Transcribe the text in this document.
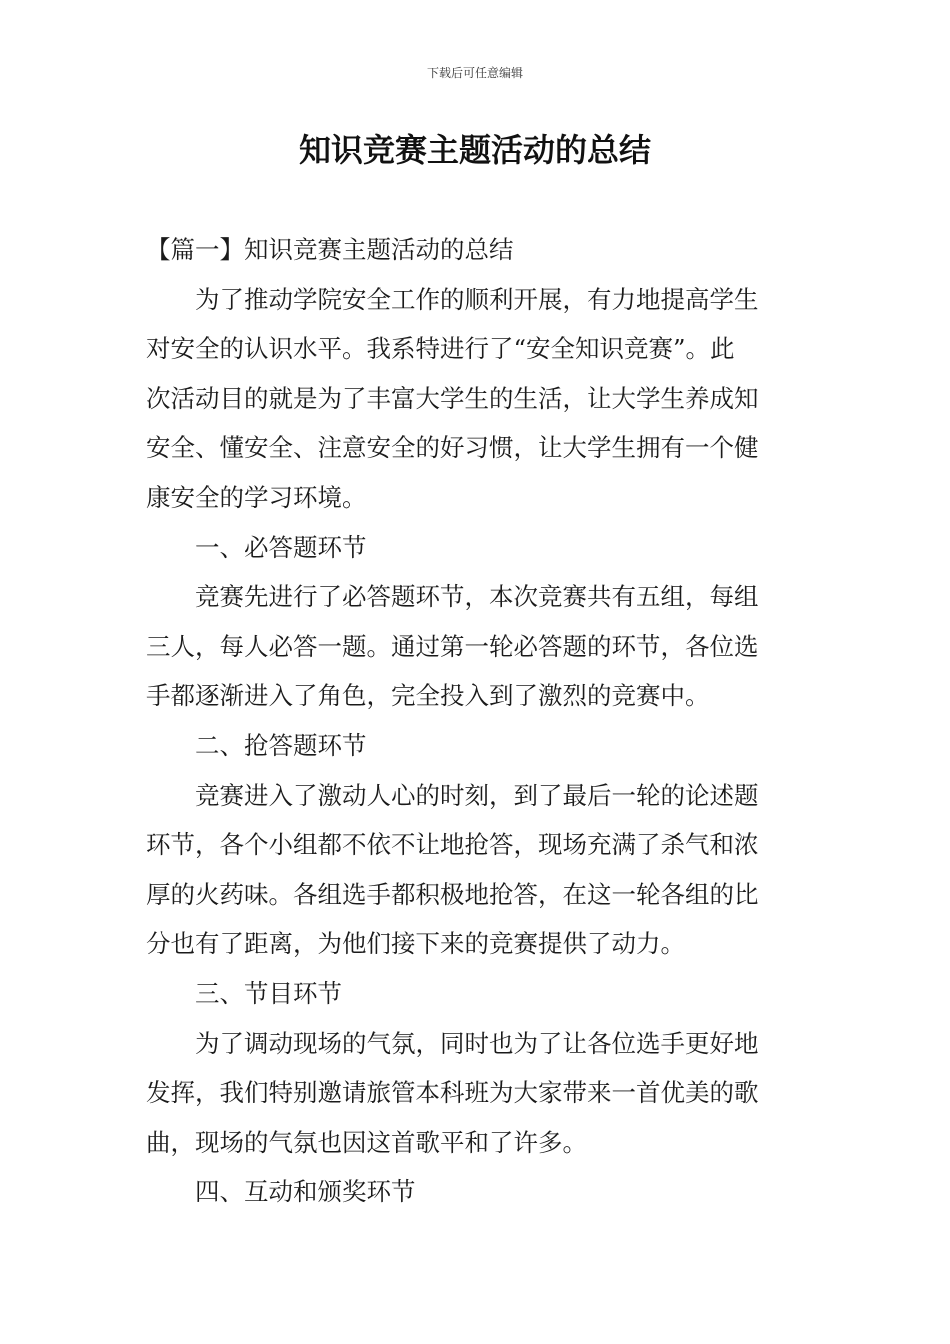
下载后可任意编辑
知识竞赛主题活动的总结

【篇一】知识竞赛主题活动的总结

为了推动学院安全工作的顺利开展，有力地提高学生

对安全的认识水平。我系特进行了“安全知识竞赛”。此

次活动目的就是为了丰富大学生的生活，让大学生养成知

安全、懂安全、注意安全的好习惯，让大学生拥有一个健

康安全的学习环境。

一、必答题环节

竞赛先进行了必答题环节，本次竞赛共有五组，每组

三人，每人必答一题。通过第一轮必答题的环节，各位选

手都逐渐进入了角色，完全投入到了激烈的竞赛中。

二、抢答题环节

竞赛进入了激动人心的时刻，到了最后一轮的论述题

环节，各个小组都不依不让地抢答，现场充满了杀气和浓

厚的火药味。各组选手都积极地抢答，在这一轮各组的比

分也有了距离，为他们接下来的竞赛提供了动力。

三、节目环节

为了调动现场的气氛，同时也为了让各位选手更好地

发挥，我们特别邀请旅管本科班为大家带来一首优美的歌

曲，现场的气氛也因这首歌平和了许多。

四、互动和颁奖环节
